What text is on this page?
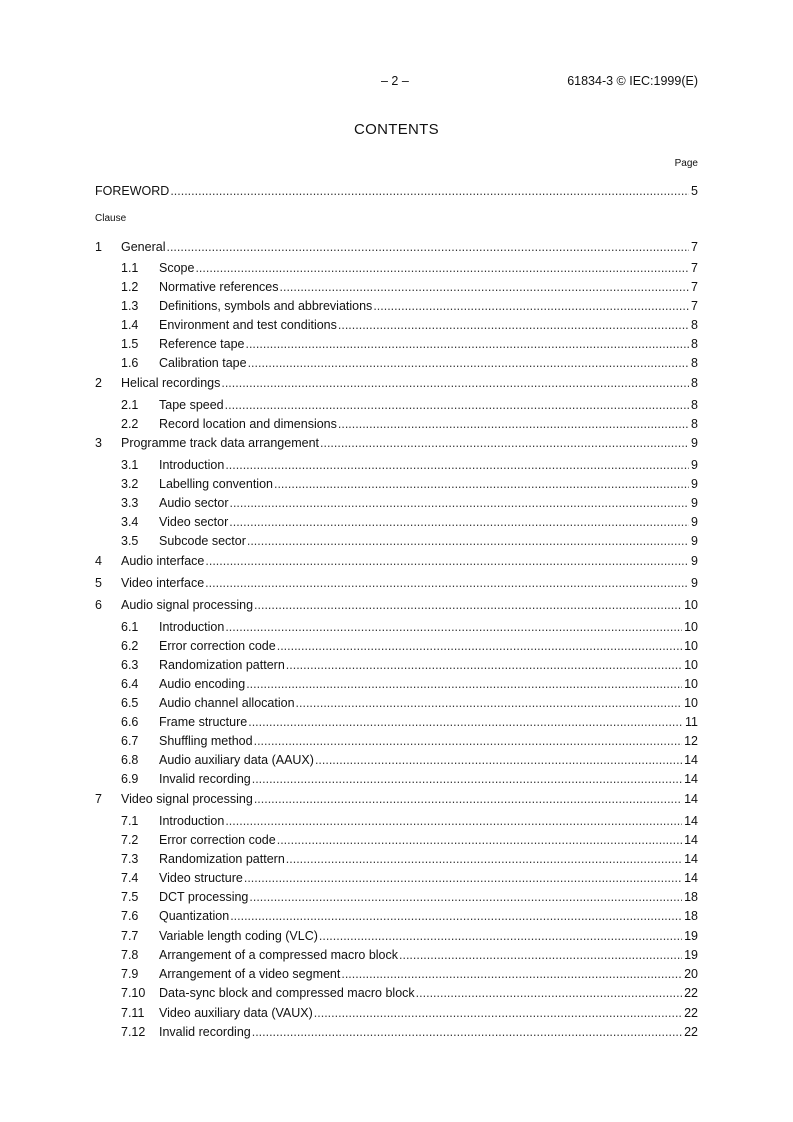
– 2 –	61834-3 © IEC:1999(E)
CONTENTS
Page
FOREWORD .....	5
Clause
1	General .....	7
1.1	Scope .....	7
1.2	Normative references .....	7
1.3	Definitions, symbols and abbreviations .....	7
1.4	Environment and test conditions .....	8
1.5	Reference tape .....	8
1.6	Calibration tape .....	8
2	Helical recordings .....	8
2.1	Tape speed .....	8
2.2	Record location and dimensions .....	8
3	Programme track data arrangement .....	9
3.1	Introduction .....	9
3.2	Labelling convention .....	9
3.3	Audio sector .....	9
3.4	Video sector .....	9
3.5	Subcode sector .....	9
4	Audio interface .....	9
5	Video interface .....	9
6	Audio signal processing .....	10
6.1	Introduction .....	10
6.2	Error correction code .....	10
6.3	Randomization pattern .....	10
6.4	Audio encoding .....	10
6.5	Audio channel allocation .....	10
6.6	Frame structure .....	11
6.7	Shuffling method .....	12
6.8	Audio auxiliary data (AAUX) .....	14
6.9	Invalid recording .....	14
7	Video signal processing .....	14
7.1	Introduction .....	14
7.2	Error correction code .....	14
7.3	Randomization pattern .....	14
7.4	Video structure .....	14
7.5	DCT processing .....	18
7.6	Quantization .....	18
7.7	Variable length coding (VLC) .....	19
7.8	Arrangement of a compressed macro block .....	19
7.9	Arrangement of a video segment .....	20
7.10	Data-sync block and compressed macro block .....	22
7.11	Video auxiliary data (VAUX) .....	22
7.12	Invalid recording .....	22
